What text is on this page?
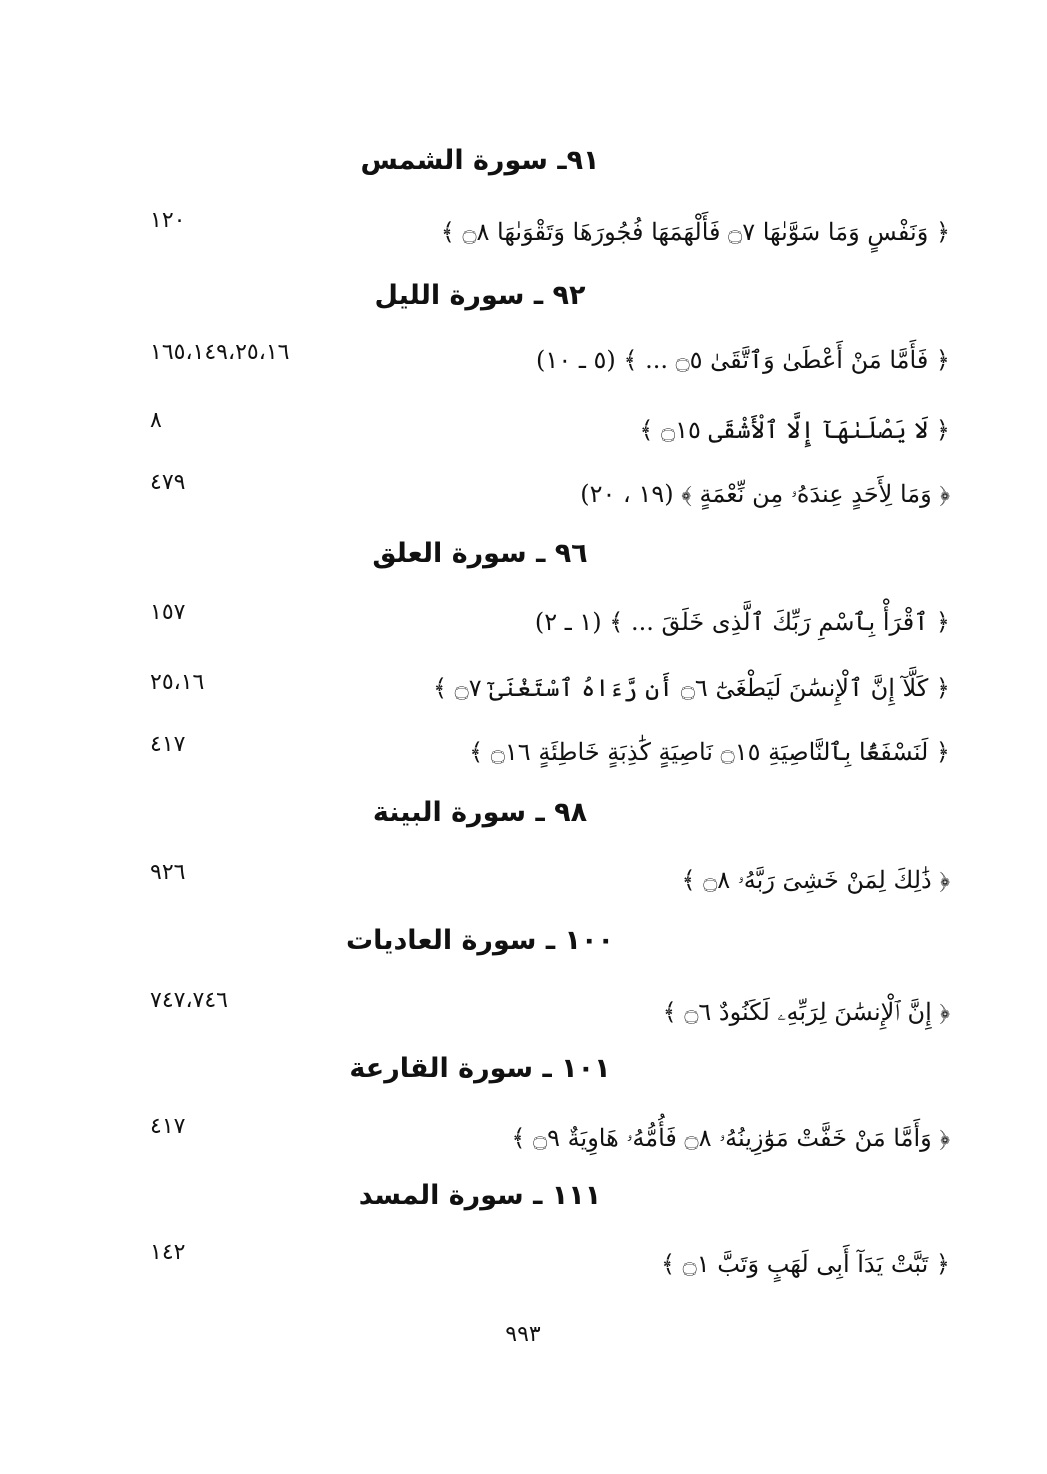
٩١ـ سورة الشمس
﴿ وَنَفْسٍ وَمَا سَوَّىٰهَا ۝٧ فَأَلْهَمَهَا فُجُورَهَا وَتَقْوَىٰهَا ۝٨ ﴾
١٢٠
٩٢ ـ سورة الليل
﴿ فَأَمَّا مَنْ أَعْطَىٰ وَٱتَّقَىٰ ۝٥ ... ﴾ (٥ ـ ١٠)
١٦٥،١٤٩،٢٥،١٦
﴿ لَا يَصْلَىٰهَآ إِلَّا ٱلْأَشْقَى ۝١٥ ﴾
٨
﴿ وَمَا لِأَحَدٍ عِندَهُۥ مِن نِّعْمَةٍ ﴾ (١٩ ، ٢٠)
٤٧٩
٩٦ ـ سورة العلق
﴿ ٱقْرَأْ بِٱسْمِ رَبِّكَ ٱلَّذِى خَلَقَ ... ﴾ (١ ـ ٢)
١٥٧
﴿ كَلَّآ إِنَّ ٱلْإِنسَٰنَ لَيَطْغَىٰٓ ۝٦ أَن رَّءَاهُ ٱسْتَغْنَىٰٓ ۝٧ ﴾
٢٥،١٦
﴿ لَنَسْفَعًۢا بِٱلنَّاصِيَةِ ۝١٥ نَاصِيَةٍ كَٰذِبَةٍ خَاطِئَةٍ ۝١٦ ﴾
٤١٧
٩٨ ـ سورة البينة
﴿ ذَٰلِكَ لِمَنْ خَشِىَ رَبَّهُۥ ۝٨ ﴾
٩٢٦
١٠٠ ـ سورة العاديات
﴿ إِنَّ ٱلْإِنسَٰنَ لِرَبِّهِۦ لَكَنُودٌ ۝٦ ﴾
٧٤٧،٧٤٦
١٠١ ـ سورة القارعة
﴿ وَأَمَّا مَنْ خَفَّتْ مَوَٰزِينُهُۥ ۝٨ فَأُمُّهُۥ هَاوِيَةٌ ۝٩ ﴾
٤١٧
١١١ ـ سورة المسد
﴿ تَبَّتْ يَدَآ أَبِى لَهَبٍ وَتَبَّ ۝١ ﴾
١٤٢
٩٩٣
